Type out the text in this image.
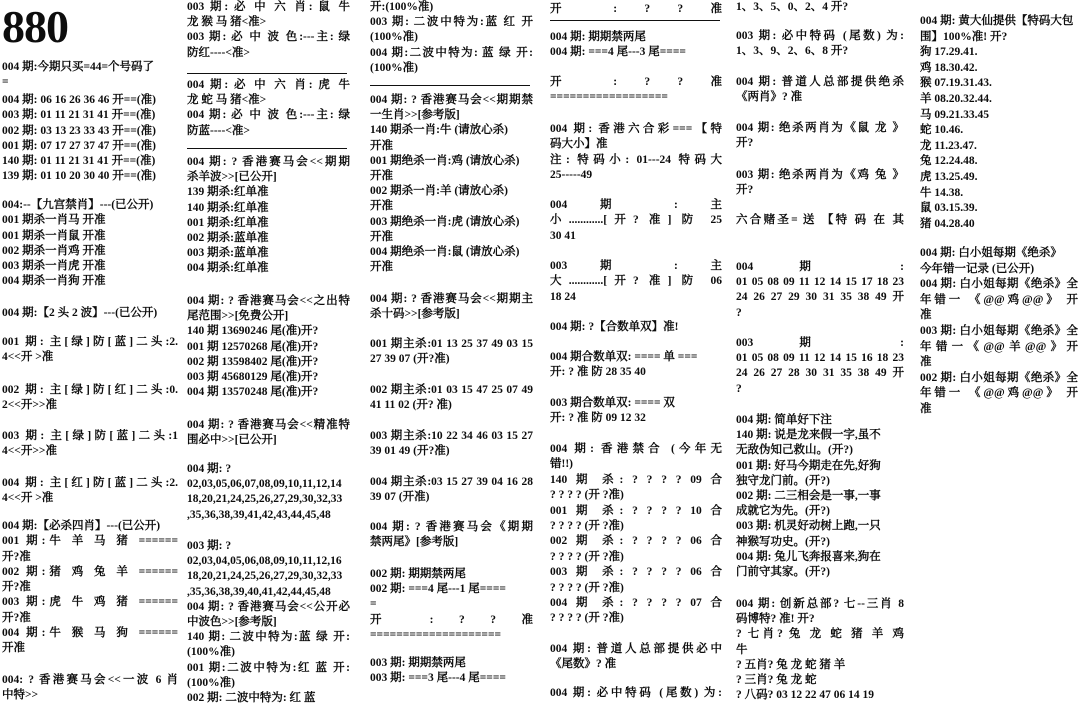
880
004 期:今期只买=44=个号码了
=
004 期: 06 16 26 36 46 开==(准)
003 期: 01 11 21 31 41 开==(准)
002 期: 03 13 23 33 43 开==(准)
001 期: 07 17 27 37 47 开==(准)
140 期: 01 11 21 31 41 开==(准)
139 期: 01 10 20 30 40 开==(准)
004:--【九宫禁肖】---(已公开)
001 期杀一肖马 开准
001 期杀一肖鼠 开准
002 期杀一肖鸡 开准
003 期杀一肖虎 开准
004 期杀一肖狗 开准
004 期:【2 头 2 波】---(已公开)
001 期: 主[绿]防[蓝]二头:2.
4<<开 >准
002 期: 主[绿]防[红]二头:0.
2<<开>>准
003 期: 主[绿]防[蓝]二头:1
4<<开>>准
004 期: 主[红]防[蓝]二头:2.
4<<开 >准
004 期:【必杀四肖】---(已公开)
001 期:牛 羊 马 猪 ======
开?准
002 期:猪 鸡 兔 羊 ======
开?准
003 期:虎 牛 鸡 猪 ======
开?准
004 期:牛 猴 马 狗 ======
开准
004: ? 香港赛马会<<一波 6 肖
中特>>
003 期: 必 中 六 肖: 鼠 牛
龙 猴 马 猪<准>
003 期: 必 中 波 色:---主: 绿
防红----<准>
004 期: 必 中 六 肖: 虎 牛
龙 蛇 马 猪<准>
004 期: 必 中 波 色:---主: 绿
防蓝----<准>
004 期: ? 香港赛马会<<期期
杀羊波>>[已公开]
139 期杀:红单准
140 期杀:红单准
001 期杀:红单准
002 期杀:蓝单准
003 期杀:蓝单准
004 期杀:红单准
004 期: ? 香港赛马会<<之出特
尾范围>>[免费公开]
140 期 13690246 尾(准)开?
001 期 12570268 尾(准)开?
002 期 13598402 尾(准)开?
003 期 45680129 尾(准)开?
004 期 13570248 尾(准)开?
004 期: ? 香港赛马会<<精准特
围必中>>[已公开]
004 期: ?
02,03,05,06,07,08,09,10,11,12,14
18,20,21,24,25,26,27,29,30,32,33
,35,36,38,39,41,42,43,44,45,48
003 期: ?
02,03,04,05,06,08,09,10,11,12,16
18,20,21,24,25,26,27,29,30,32,33
,35,36,38,39,40,41,42,44,45,48
004 期: ? 香港赛马会<<公开必
中波色>>[参考版]
140 期: 二波中特为:蓝 绿 开:
(100%准)
001 期:二波中特为:红 蓝 开:
(100%准)
002 期: 二波中特为: 红 蓝
开:(100%准)
003 期: 二波中特为:蓝 红 开
(100%准)
004 期:二波中特为: 蓝 绿 开:
(100%准)
004 期: ? 香港赛马会<<期期禁
一生肖>>[参考版]
140 期杀一肖:牛 (请放心杀)
开准
001 期绝杀一肖:鸡 (请放心杀)
开准
002 期杀一肖:羊 (请放心杀)
开准
003 期绝杀一肖:虎 (请放心杀)
开准
004 期绝杀一肖:鼠 (请放心杀)
开准
004 期: ? 香港赛马会<<期期主
杀十码>>[参考版]
001 期主杀:01 13 25 37 49 03 15
27 39 07 (开?准)
002 期主杀:01 03 15 47 25 07 49
41 11 02 (开? 准)
003 期主杀:10 22 34 46 03 15 27
39 01 49 (开?准)
004 期主杀:03 15 27 39 04 16 28
39 07 (开准)
004 期: ? 香港赛马会《期期
禁两尾》[参考版]
002 期: 期期禁两尾
002 期: ===4 尾---1 尾====
=
开 : ? ? 准
====================
003 期: 期期禁两尾
003 期: ===3 尾---4 尾====
开 : ? ? 准
004 期: 期期禁两尾
004 期: ===4 尾---3 尾====
开 : ? ? 准
==================
004 期: 香港六合彩===【特
码大小】准
注: 特码小: 01---24 特码大
25-----49
004 期 : 主
小............[开? 准] 防 25
30 41
003 期 : 主
大............[开? 准] 防 06
18 24
004 期: ?【合数单双】准!
004 期合数单双: ==== 单 ===
开: ? 准 防 28 35 40
003 期合数单双: ==== 双
开: ? 准 防 09 12 32
004 期: 香港禁合 (今年无
错!!)
140 期 杀: ? ? ? ? 09 合
? ? ? ? (开 ?准)
001 期 杀: ? ? ? ? 10 合
? ? ? ? (开 ?准)
002 期 杀: ? ? ? ? 06 合
? ? ? ? (开 ?准)
003 期 杀: ? ? ? ? 06 合
? ? ? ? (开 ?准)
004 期 杀: ? ? ? ? 07 合
? ? ? ? (开 ?准)
004 期: 普道人总部提供必中
《尾数》? 准
004 期: 必中特码 (尾数) 为:
1、3、5、0、2、4 开?
003 期: 必中特码 (尾数) 为:
1、3、9、2、6、8 开?
004 期: 普道人总部提供绝杀
《两肖》? 准
004 期: 绝杀两肖为《鼠 龙 》
开?
003 期: 绝杀两肖为《鸡 兔 》
开?
六合赌圣= 送 【特 码 在 其
004 期 :
01 05 08 09 11 12 14 15 17 18 23
24 26 27 29 30 31 35 38 49 开
?
003 期 :
01 05 08 09 11 12 14 15 16 18 23
24 26 27 28 30 31 35 38 49 开
?
004 期: 简单好下注
140 期: 说是龙来假一字,虽不
无敌伪知己救山。(开?)
001 期: 好马今期走在先,好狗
独守龙门前。(开?)
002 期: 二三相会是一事,一事
成就它为先。(开?)
003 期: 机灵好动树上跑,一只
神猴写功史。(开?)
004 期: 兔儿飞奔报喜来,狗在
门前守其家。(开?)
004 期: 创新总部? 七--三肖 8
码博特? 准! 开?
? 七肖? 兔 龙 蛇 猪 羊 鸡
牛
? 五肖? 兔 龙 蛇 猪 羊
? 三肖? 兔 龙 蛇
? 八码? 03 12 22 47 06 14 19
004 期: 黄大仙提供【特码大包
围】100%准! 开?
狗 17.29.41.
鸡 18.30.42.
猴 07.19.31.43.
羊 08.20.32.44.
马 09.21.33.45
蛇 10.46.
龙 11.23.47.
兔 12.24.48.
虎 13.25.49.
牛 14.38.
鼠 03.15.39.
猪 04.28.40
004 期: 白小姐每期《绝杀》
今年错一记录 (已公开)
004 期: 白小姐每期《绝杀》全
年错一 《@@鸡@@》 开
准
003 期: 白小姐每期《绝杀》全
年错一《@@羊@@》开
准
002 期: 白小姐每期《绝杀》全
年错一 《@@鸡@@》 开
准
